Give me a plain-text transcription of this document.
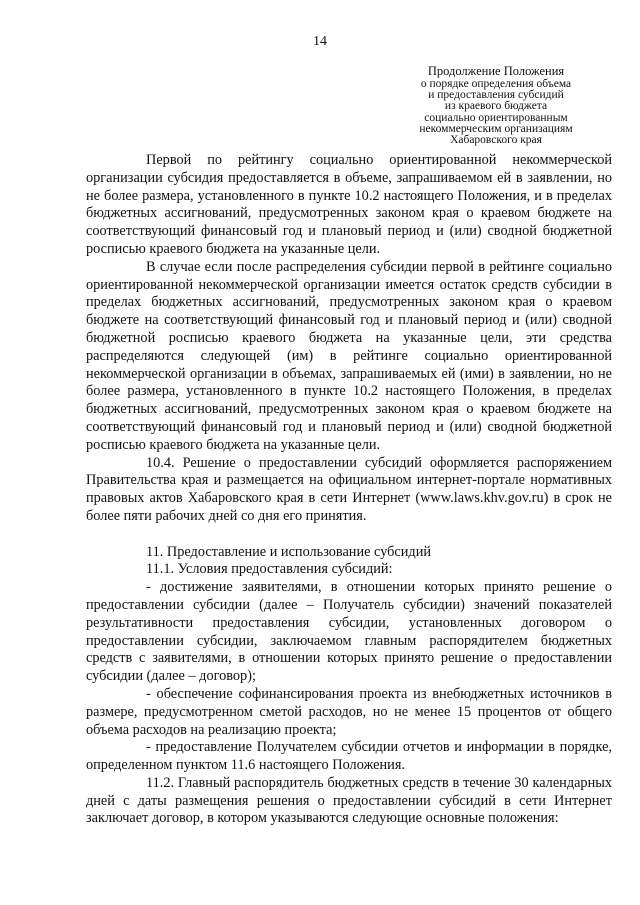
14
Продолжение Положения
о порядке определения объема
и предоставления субсидий
из краевого бюджета
социально ориентированным
некоммерческим организациям
Хабаровского края

Первой по рейтингу социально ориентированной некоммерческой организации субсидия предоставляется в объеме, запрашиваемом ей в заявлении, но не более размера, установленного в пункте 10.2 настоящего Положения, и в пределах бюджетных ассигнований, предусмотренных законом края о краевом бюджете на соответствующий финансовый год и плановый период и (или) сводной бюджетной росписью краевого бюджета на указанные цели.

В случае если после распределения субсидии первой в рейтинге социально ориентированной некоммерческой организации имеется остаток средств субсидии в пределах бюджетных ассигнований, предусмотренных законом края о краевом бюджете на соответствующий финансовый год и плановый период и (или) сводной бюджетной росписью краевого бюджета на указанные цели, эти средства распределяются следующей (им) в рейтинге социально ориентированной некоммерческой организации в объемах, запрашиваемых ей (ими) в заявлении, но не более размера, установленного в пункте 10.2 настоящего Положения, в пределах бюджетных ассигнований, предусмотренных законом края о краевом бюджете на соответствующий финансовый год и плановый период и (или) сводной бюджетной росписью краевого бюджета на указанные цели.

10.4. Решение о предоставлении субсидий оформляется распоряжением Правительства края и размещается на официальном интернет-портале нормативных правовых актов Хабаровского края в сети Интернет (www.laws.khv.gov.ru) в срок не более пяти рабочих дней со дня его принятия.

11. Предоставление и использование субсидий

11.1. Условия предоставления субсидий:

- достижение заявителями, в отношении которых принято решение о предоставлении субсидии (далее – Получатель субсидии) значений показателей результативности предоставления субсидии, установленных договором о предоставлении субсидии, заключаемом главным распорядителем бюджетных средств с заявителями, в отношении которых принято решение о предоставлении субсидии (далее – договор);

- обеспечение софинансирования проекта из внебюджетных источников в размере, предусмотренном сметой расходов, но не менее 15 процентов от общего объема расходов на реализацию проекта;

- предоставление Получателем субсидии отчетов и информации в порядке, определенном пунктом 11.6 настоящего Положения.

11.2. Главный распорядитель бюджетных средств в течение 30 календарных дней с даты размещения решения о предоставлении субсидий в сети Интернет заключает договор, в котором указываются следующие основные положения:
